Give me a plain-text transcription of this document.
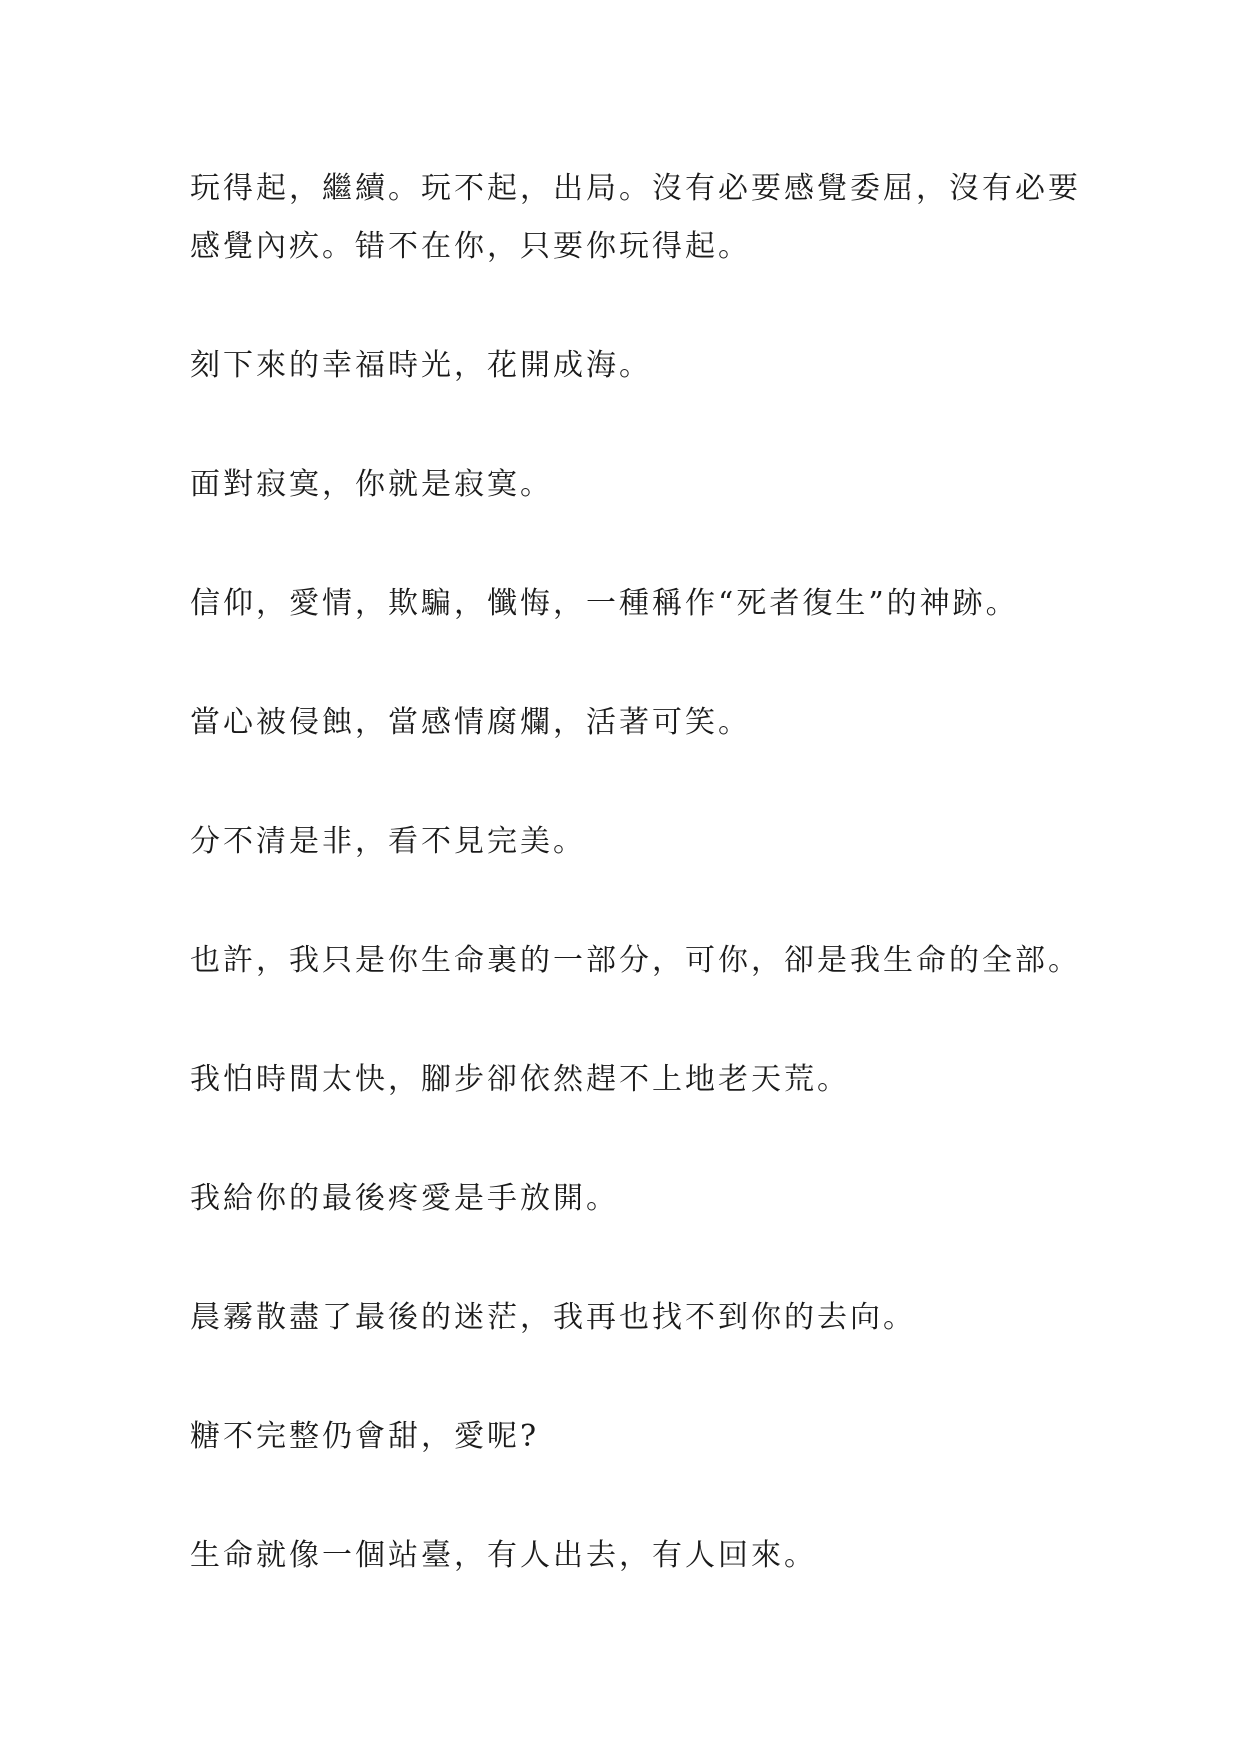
玩得起，繼續。玩不起，出局。沒有必要感覺委屈，沒有必要感覺內疚。错不在你，只要你玩得起。

刻下來的幸福時光，花開成海。

面對寂寞，你就是寂寞。

信仰，愛情，欺騙，懺悔，一種稱作“死者復生”的神跡。

當心被侵蝕，當感情腐爛，活著可笑。

分不清是非，看不見完美。

也許，我只是你生命裏的一部分，可你，卻是我生命的全部。

我怕時間太快，腳步卻依然趕不上地老天荒。

我給你的最後疼愛是手放開。

晨霧散盡了最後的迷茫，我再也找不到你的去向。

糖不完整仍會甜，愛呢?

生命就像一個站臺，有人出去，有人回來。
